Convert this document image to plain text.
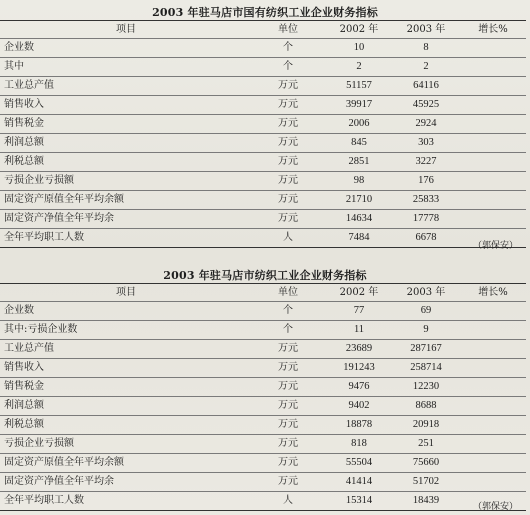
2003 年驻马店市国有纺织工业企业财务指标
项目	单位	2002 年	2003 年	增长%
企业数	个	10	8	
其中	个	2	2	
工业总产值	万元	51157	64116	
销售收入	万元	39917	45925	
销售税金	万元	2006	2924	
利润总额	万元	845	303	
利税总额	万元	2851	3227	
亏损企业亏损额	万元	98	176	
固定资产原值全年平均余额	万元	21710	25833	
固定资产净值全年平均余	万元	14634	17778	
全年平均职工人数	人	7484	6678	
（郭保安）
2003 年驻马店市纺织工业企业财务指标
项目	单位	2002 年	2003 年	增长%
企业数	个	77	69	
其中:亏损企业数	个	11	9	
工业总产值	万元	23689	287167	
销售收入	万元	191243	258714	
销售税金	万元	9476	12230	
利润总额	万元	9402	8688	
利税总额	万元	18878	20918	
亏损企业亏损额	万元	818	251	
固定资产原值全年平均余额	万元	55504	75660	
固定资产净值全年平均余	万元	41414	51702	
全年平均职工人数	人	15314	18439	
（郭保安）
